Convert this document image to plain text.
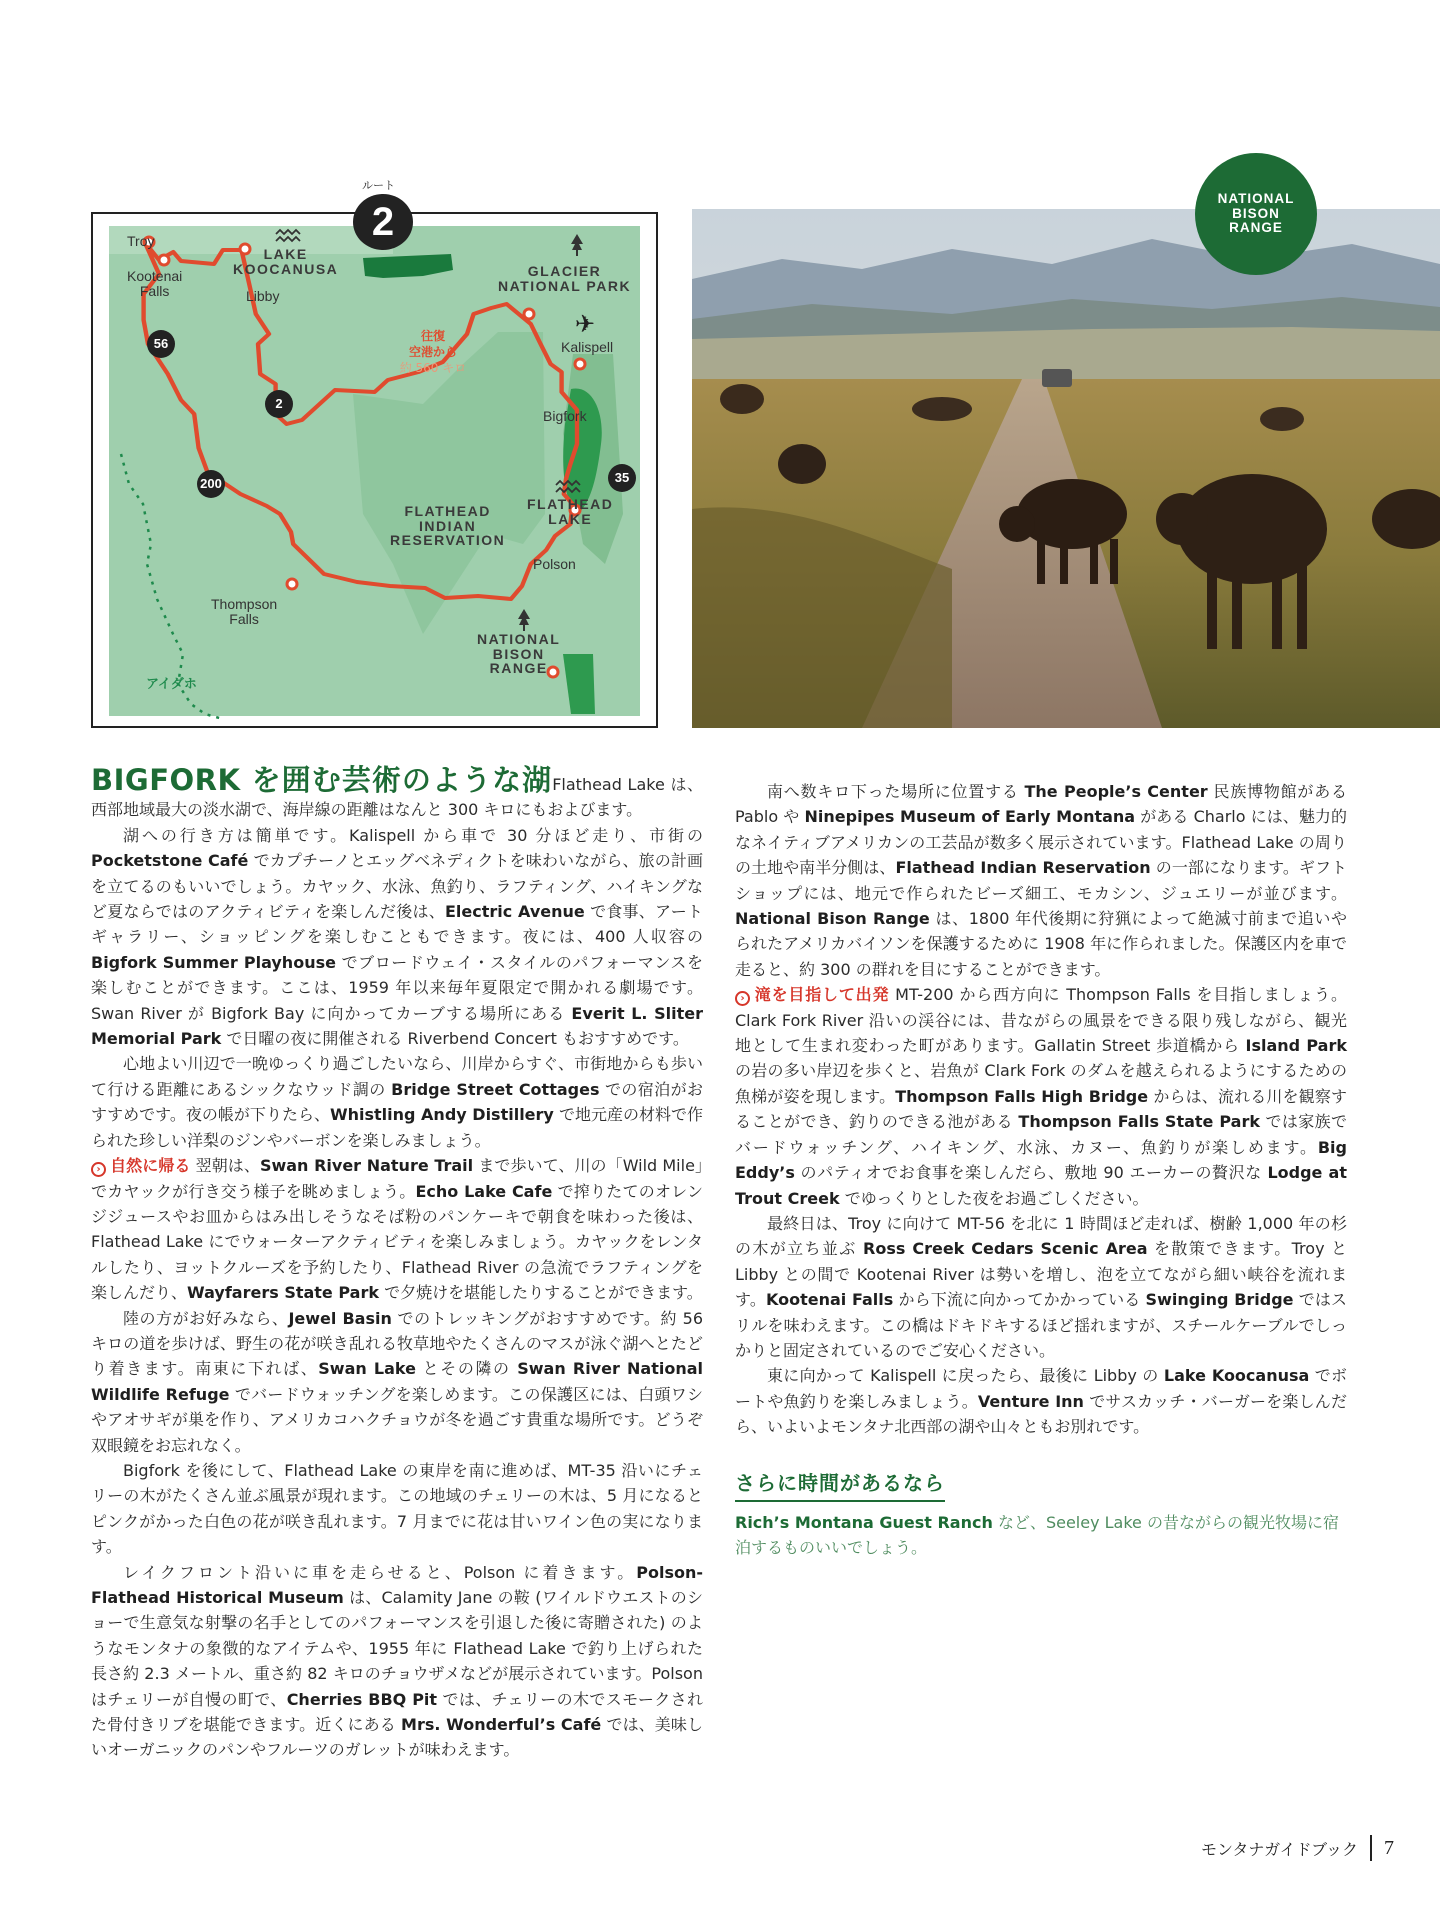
Troy
Kootenai
Falls	Libby
Kalispell
Bigfork
Polson
Thompson
Falls
LAKE
KOOCANUSA	GLACIER
NATIONAL PARK
FLATHEAD
INDIAN
RESERVATION
FLATHEAD
LAKE
NATIONAL
BISON
RANGE
56
2
200	35
✈
ルート
2
往復
空港から
約 560 キロ
アイダホ
NATIONAL
BISON
RANGE

BIGFORK を囲む芸術のような湖Flathead Lake は、西部地域最大の淡水湖で、海岸線の距離はなんと 300 キロにもおよびます。

湖への行き方は簡単です。Kalispell から車で 30 分ほど走り、市街の Pocketstone Café でカプチーノとエッグベネディクトを味わいながら、旅の計画を立てるのもいいでしょう。カヤック、水泳、魚釣り、ラフティング、ハイキングなど夏ならではのアクティビティを楽しんだ後は、Electric Avenue で食事、アートギャラリー、ショッピングを楽しむこともできます。夜には、400 人収容の Bigfork Summer Playhouse でブロードウェイ・スタイルのパフォーマンスを楽しむことができます。ここは、1959 年以来毎年夏限定で開かれる劇場です。Swan River が Bigfork Bay に向かってカーブする場所にある Everit L. Sliter Memorial Park で日曜の夜に開催される Riverbend Concert もおすすめです。

心地よい川辺で一晩ゆっくり過ごしたいなら、川岸からすぐ、市街地からも歩いて行ける距離にあるシックなウッド調の Bridge Street Cottages での宿泊がおすすめです。夜の帳が下りたら、Whistling Andy Distillery で地元産の材料で作られた珍しい洋梨のジンやバーボンを楽しみましょう。

› 自然に帰る 翌朝は、Swan River Nature Trail まで歩いて、川の「Wild Mile」でカヤックが行き交う様子を眺めましょう。Echo Lake Cafe で搾りたてのオレンジジュースやお皿からはみ出しそうなそば粉のパンケーキで朝食を味わった後は、Flathead Lake にでウォーターアクティビティを楽しみましょう。カヤックをレンタルしたり、ヨットクルーズを予約したり、Flathead River の急流でラフティングを楽しんだり、Wayfarers State Park で夕焼けを堪能したりすることができます。

陸の方がお好みなら、Jewel Basin でのトレッキングがおすすめです。約 56 キロの道を歩けば、野生の花が咲き乱れる牧草地やたくさんのマスが泳ぐ湖へとたどり着きます。南東に下れば、Swan Lake とその隣の Swan River National Wildlife Refuge でバードウォッチングを楽しめます。この保護区には、白頭ワシやアオサギが巣を作り、アメリカコハクチョウが冬を過ごす貴重な場所です。どうぞ双眼鏡をお忘れなく。

Bigfork を後にして、Flathead Lake の東岸を南に進めば、MT-35 沿いにチェリーの木がたくさん並ぶ風景が現れます。この地域のチェリーの木は、5 月になるとピンクがかった白色の花が咲き乱れます。7 月までに花は甘いワイン色の実になります。

レイクフロント沿いに車を走らせると、Polson に着きます。Polson-Flathead Historical Museum は、Calamity Jane の鞍 (ワイルドウエストのショーで生意気な射撃の名手としてのパフォーマンスを引退した後に寄贈された) のようなモンタナの象徴的なアイテムや、1955 年に Flathead Lake で釣り上げられた長さ約 2.3 メートル、重さ約 82 キロのチョウザメなどが展示されています。Polson はチェリーが自慢の町で、Cherries BBQ Pit では、チェリーの木でスモークされた骨付きリブを堪能できます。近くにある Mrs. Wonderful’s Café では、美味しいオーガニックのパンやフルーツのガレットが味わえます。

南へ数キロ下った場所に位置する The People’s Center 民族博物館がある Pablo や Ninepipes Museum of Early Montana がある Charlo には、魅力的なネイティブアメリカンの工芸品が数多く展示されています。Flathead Lake の周りの土地や南半分側は、Flathead Indian Reservation の一部になります。ギフトショップには、地元で作られたビーズ細工、モカシン、ジュエリーが並びます。National Bison Range は、1800 年代後期に狩猟によって絶滅寸前まで追いやられたアメリカバイソンを保護するために 1908 年に作られました。保護区内を車で走ると、約 300 の群れを目にすることができます。

› 滝を目指して出発 MT-200 から西方向に Thompson Falls を目指しましょう。Clark Fork River 沿いの渓谷には、昔ながらの風景をできる限り残しながら、観光地として生まれ変わった町があります。Gallatin Street 歩道橋から Island Park の岩の多い岸辺を歩くと、岩魚が Clark Fork のダムを越えられるようにするための魚梯が姿を現します。Thompson Falls High Bridge からは、流れる川を観察することができ、釣りのできる池がある Thompson Falls State Park では家族でバードウォッチング、ハイキング、水泳、カヌー、魚釣りが楽しめます。Big Eddy’s のパティオでお食事を楽しんだら、敷地 90 エーカーの贅沢な Lodge at Trout Creek でゆっくりとした夜をお過ごしください。

最終日は、Troy に向けて MT-56 を北に 1 時間ほど走れば、樹齢 1,000 年の杉の木が立ち並ぶ Ross Creek Cedars Scenic Area を散策できます。Troy と Libby との間で Kootenai River は勢いを増し、泡を立てながら細い峡谷を流れます。Kootenai Falls から下流に向かってかかっている Swinging Bridge ではスリルを味わえます。この橋はドキドキするほど揺れますが、スチールケーブルでしっかりと固定されているのでご安心ください。

東に向かって Kalispell に戻ったら、最後に Libby の Lake Koocanusa でボートや魚釣りを楽しみましょう。Venture Inn でサスカッチ・バーガーを楽しんだら、いよいよモンタナ北西部の湖や山々ともお別れです。

さらに時間があるなら
Rich’s Montana Guest Ranch など、Seeley Lake の昔ながらの観光牧場に宿泊するものいいでしょう。
モンタナガイドブック 7
